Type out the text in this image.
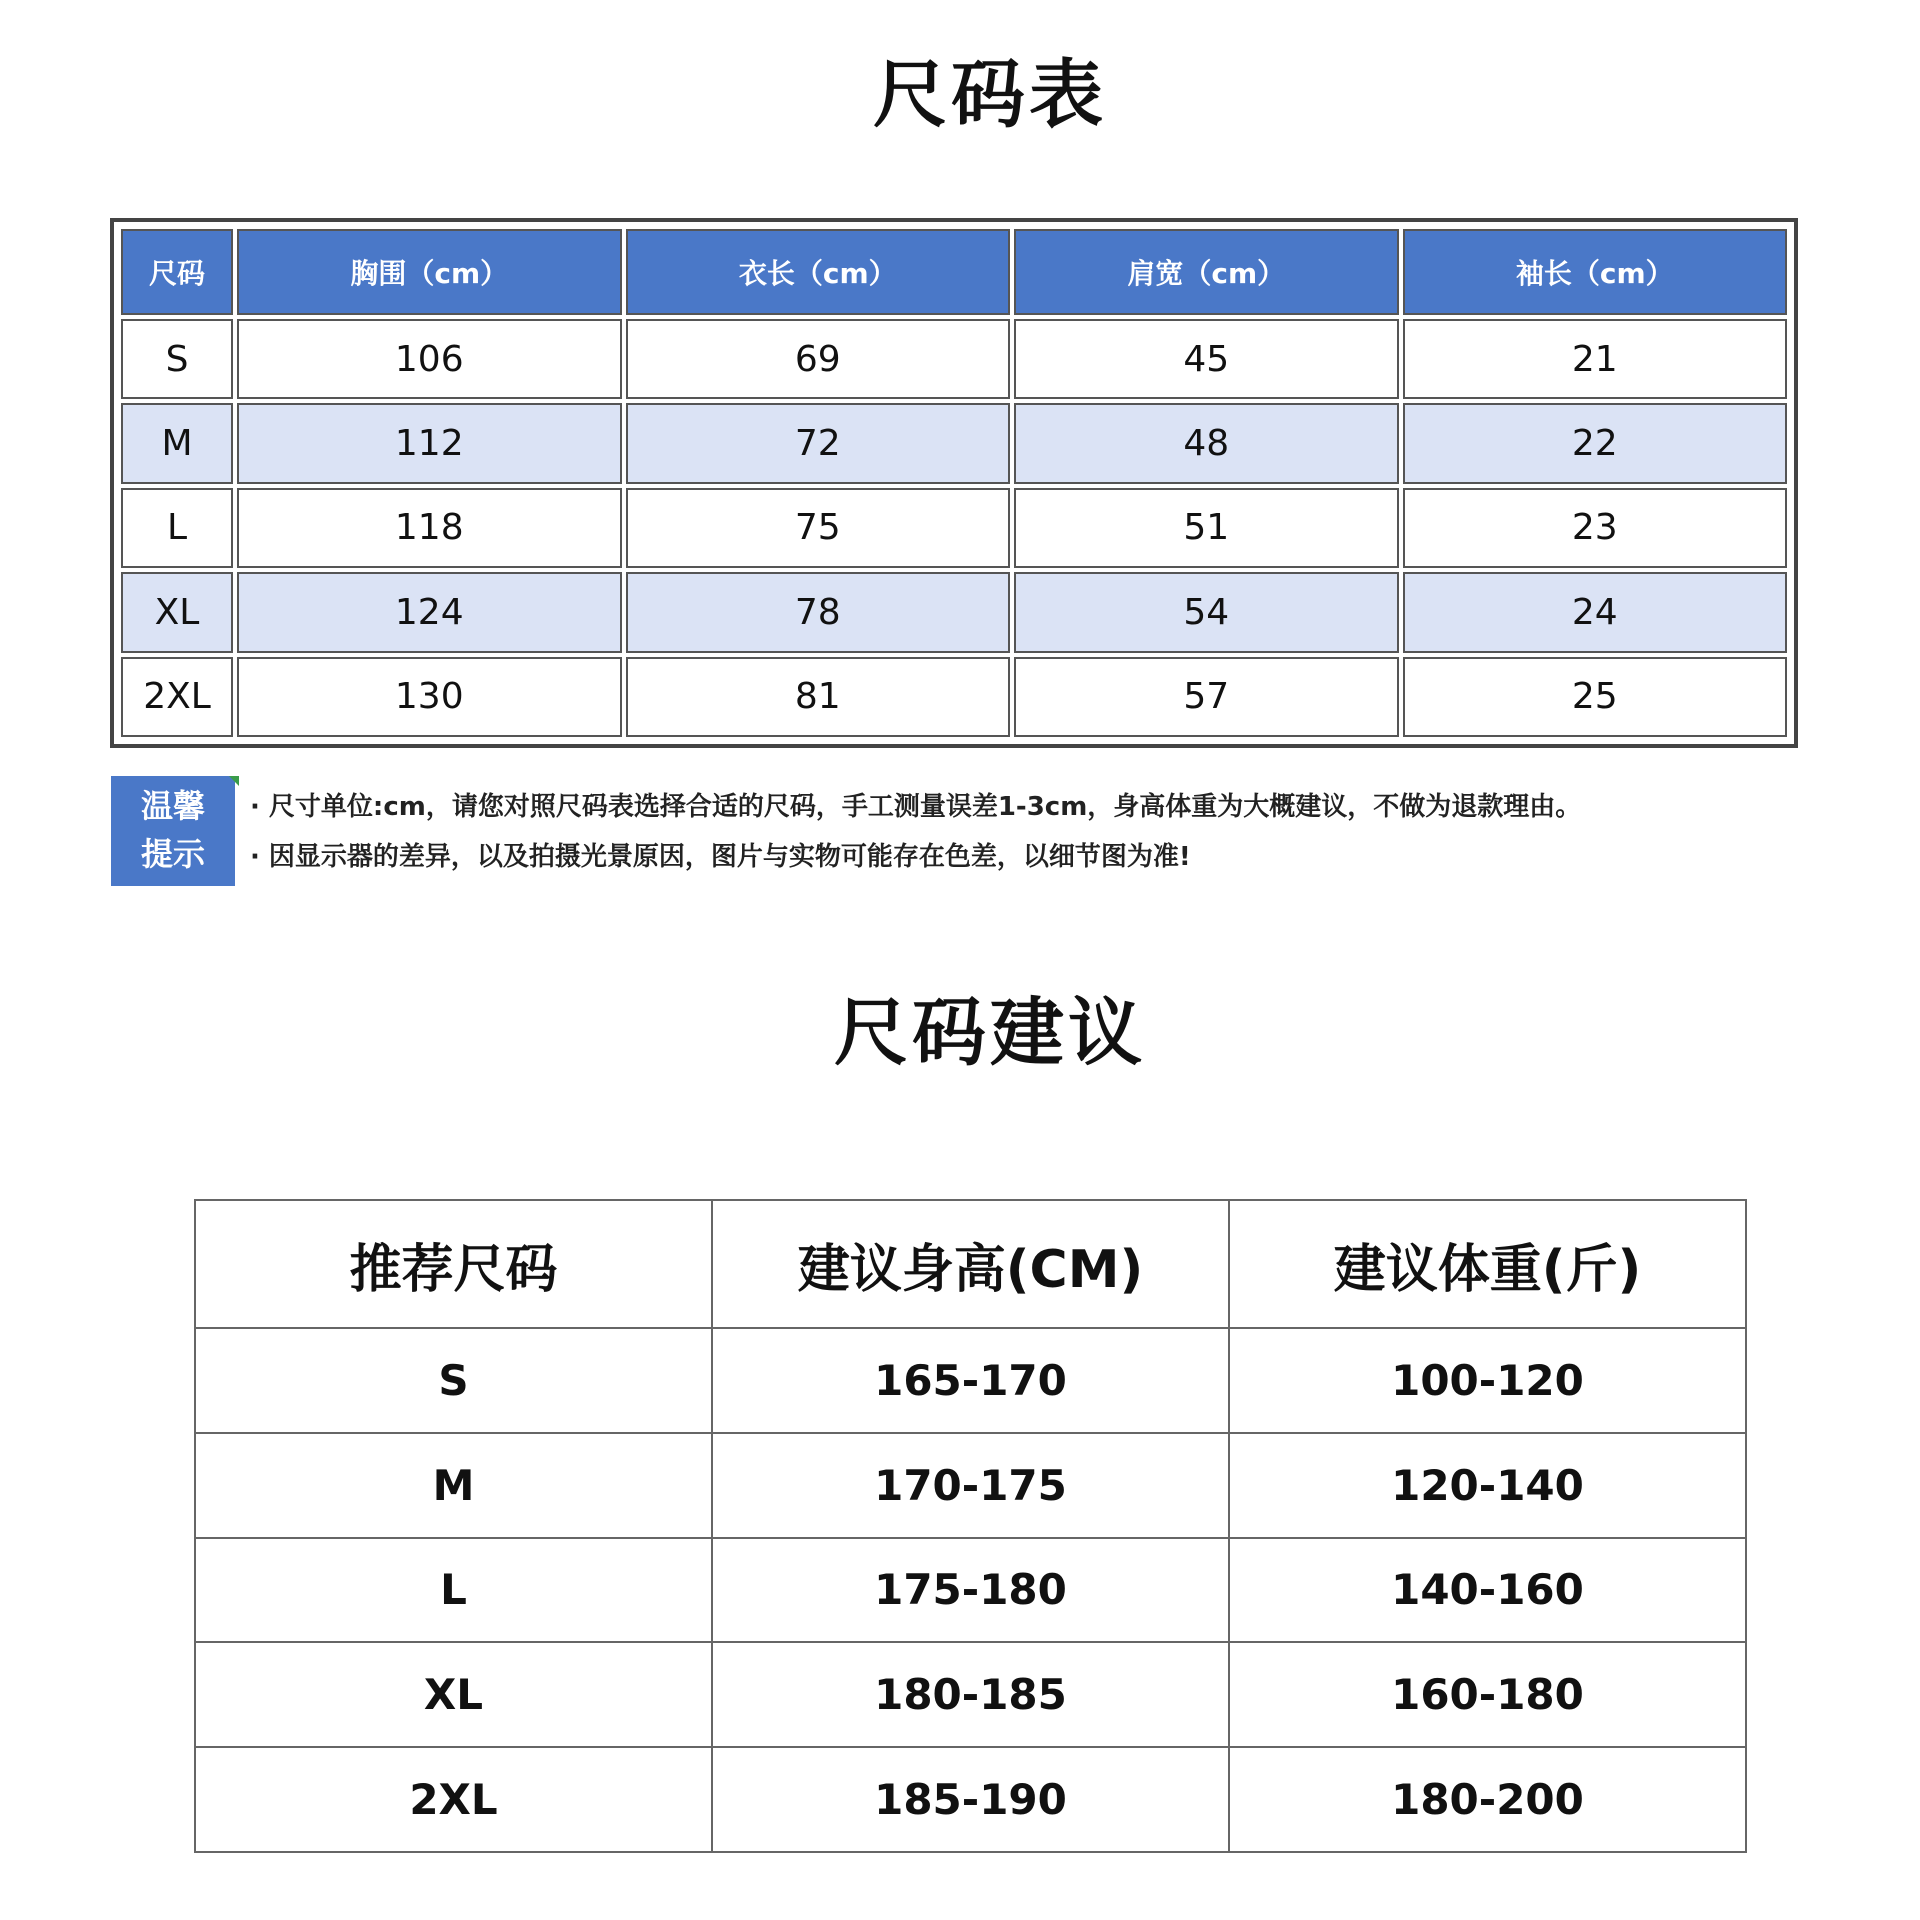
尺码表
尺码	胸围（cm）	衣长（cm）	肩宽（cm）	袖长（cm）
S	106	69	45	21
M	112	72	48	22
L	118	75	51	23
XL	124	78	54	24
2XL	130	81	57	25
温馨
提示
· 尺寸单位:cm，请您对照尺码表选择合适的尺码，手工测量误差1-3cm，身高体重为大概建议，不做为退款理由。
· 因显示器的差异，以及拍摄光景原因，图片与实物可能存在色差，以细节图为准!
尺码建议
推荐尺码	建议身高(CM)	建议体重(斤)
S	165-170	100-120
M	170-175	120-140
L	175-180	140-160
XL	180-185	160-180
2XL	185-190	180-200
